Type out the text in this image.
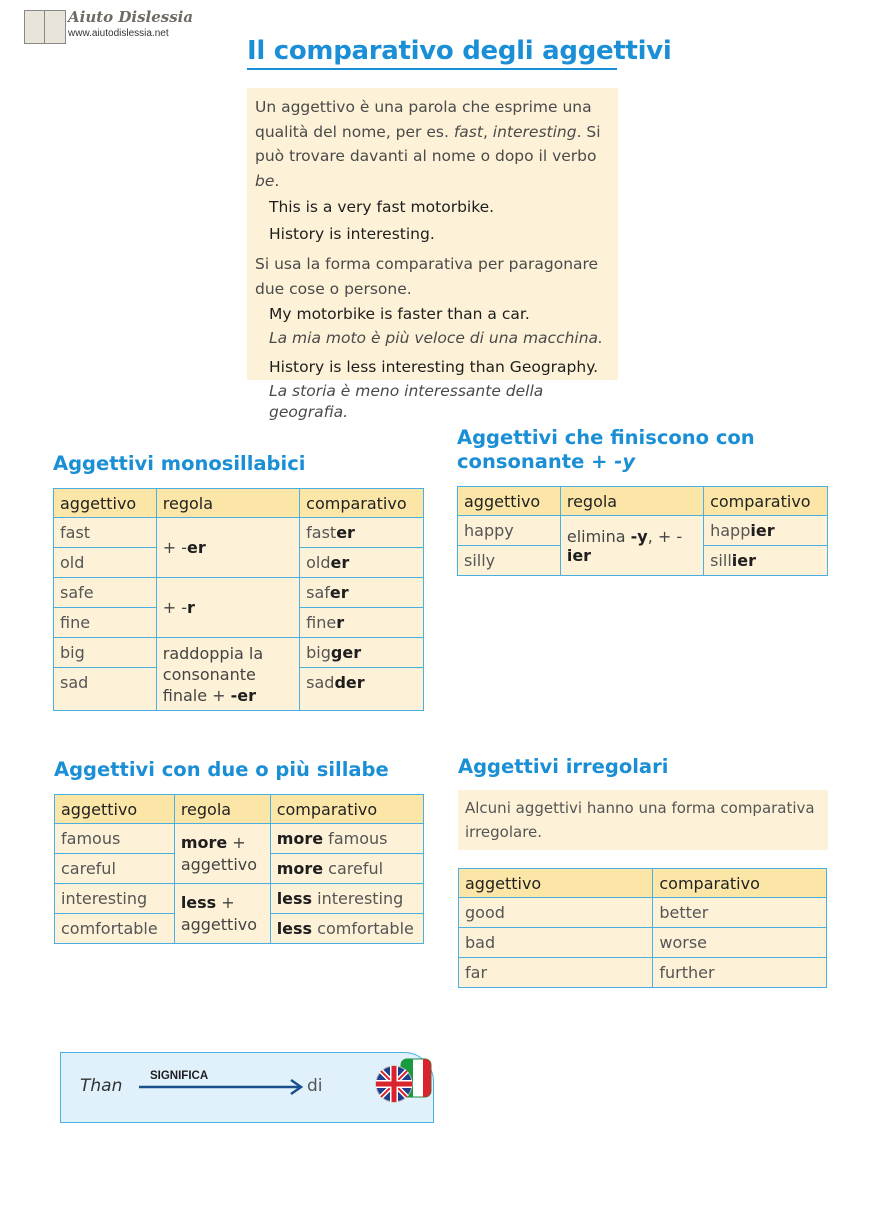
Aiuto Dislessia
www.aiutodislessia.net
Il comparativo degli aggettivi

Un aggettivo è una parola che esprime una qualità del nome, per es. fast, interesting. Si può trovare davanti al nome o dopo il verbo be.

This is a very fast motorbike.

History is interesting.

Si usa la forma comparativa per paragonare due cose o persone.

My motorbike is faster than a car.

La mia moto è più veloce di una macchina.

History is less interesting than Geography.

La storia è meno interessante della geografia.

Aggettivi monosillabici
aggettivo	regola	comparativo
fast	+ -er	faster
old		older
safe	+ -r	safer
fine		finer
big	raddoppia la consonante finale + -er	bigger
sad		sadder
Aggettivi che finiscono con
consonante + -y
aggettivo	regola	comparativo
happy	elimina -y, + -ier	happier
silly		sillier
Aggettivi con due o più sillabe
aggettivo	regola	comparativo
famous	more + aggettivo	more famous
careful		more careful
interesting	less + aggettivo	less interesting
comfortable		less comfortable
Aggettivi irregolari
Alcuni aggettivi hanno una forma comparativa irregolare.
aggettivo	comparativo
good	better
bad	worse
far	further
Than SIGNIFICA	di
